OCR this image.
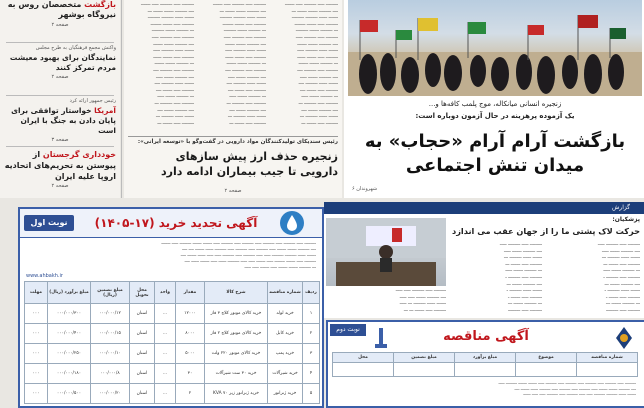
بازگشت متخصصان روس به نیروگاه بوشهر
صفحه ۲
واکنش مجمع فرهنگیان به طرح مجلس
نمایندگان برای بهبود معیشت مردم تمرکز کنند
صفحه ۲
رئیس جمهور ارائه کرد
آمریکا خواستار توافقی برای پایان دادن به جنگ با ایران است
صفحه ۳
خودداری گرجستان از پیوستن به تحریم‌های اتحادیه اروپا علیه ایران
صفحه ۲
ـــــــــ ـــــ ـــــــــ ـــــ ـــــــ
ــــ ـــــــــ ـــــــ ـــــــ ـــ
ـــــــ ــــــ ـــــــــ ـــــــــ
ـــــــــ ـــــ ـــــــ ــــــــ
ـــ ـــــــــ ـــــــ ـــــــــ
ـــــــــ ـــــ ـــــــــ ـــــ
ــــ ـــــــــ ـــــــ ـــــــ
ـــــــ ــــــ ـــــــــ ـــــ
ـــــــــ ـــــ ـــــــ ــــــ
ـــ ـــــــــ ـــــــ ـــــــ
ـــــــــ ـــــ ـــــــــ ــــ
ــــ ـــــــــ ـــــــ ـــــ
ـــــــ ــــــ ـــــــــ ــــ
ـــــــــ ـــــ ـــــــ ــــ
ـــ ـــــــــ ـــــــ ـــــ
ـــــــــ ـــــ ـــــــــ ـــ
ــــ ـــــــــ ـــــــ ــــ
ـــــــ ــــــ ـــــــــ ـــ
ـــــــــ ـــــ ـــــــ ـــ
ـــــــــ ـــــ ـــــــــ ـــــ ـــــــ
ــــ ـــــــــ ـــــــ ـــــــ ـــ
ـــــــ ــــــ ـــــــــ ـــــــــ
ـــــــــ ـــــ ـــــــ ــــــــ
ـــ ـــــــــ ـــــــ ـــــــــ
ـــــــــ ـــــ ـــــــــ ـــــ
ــــ ـــــــــ ـــــــ ـــــــ
ـــــــ ــــــ ـــــــــ ـــــ
ـــــــــ ـــــ ـــــــ ــــــ
ـــ ـــــــــ ـــــــ ـــــــ
ـــــــــ ـــــ ـــــــــ ــــ
ــــ ـــــــــ ـــــــ ـــــ
ـــــــ ــــــ ـــــــــ ــــ
ـــــــــ ـــــ ـــــــ ــــ
ـــ ـــــــــ ـــــــ ـــــ
ـــــــــ ـــــ ـــــــــ ـــ
ــــ ـــــــــ ـــــــ ــــ
ـــــــ ــــــ ـــــــــ ـــ
ـــــــــ ـــــ ـــــــ ـــ
ـــــــــ ـــــ ـــــــــ ـــــ ـــــــ
ــــ ـــــــــ ـــــــ ـــــــ ـــ
ـــــــ ــــــ ـــــــــ ـــــــــ
ـــــــــ ـــــ ـــــــ ــــــــ
ـــ ـــــــــ ـــــــ ـــــــــ
ـــــــــ ـــــ ـــــــــ ـــــ
ــــ ـــــــــ ـــــــ ـــــــ
ـــــــ ــــــ ـــــــــ ـــــ
ـــــــــ ـــــ ـــــــ ــــــ
ـــ ـــــــــ ـــــــ ـــــــ
ـــــــــ ـــــ ـــــــــ ــــ
ــــ ـــــــــ ـــــــ ـــــ
ـــــــ ــــــ ـــــــــ ــــ
ـــــــــ ـــــ ـــــــ ــــ
ـــ ـــــــــ ـــــــ ـــــ
ـــــــــ ـــــ ـــــــــ ـــ
ــــ ـــــــــ ـــــــ ــــ
ـــــــ ــــــ ـــــــــ ـــ
ـــــــــ ـــــ ـــــــ ـــ
رئیس سندیکای تولیدکنندگان مواد دارویی در گفت‌وگو با «توسعه ایرانی»:
زنجیره حذف ارز پیش سازهای دارویی تا جیب بیماران ادامه دارد
صفحه ۲
زنجیره انسانی میانکاله، موج پلمب کافه‌ها و...
یک آزموده پرهزینه در حال آزمون دوباره است:
بازگشت آرام آرام «حجاب» به میدان تنش اجتماعی
شهروندان ۶
نوبت اول	آگهی تجدید خرید (۱۷-۱۴۰۵)
ـــــــــ ـــــ ـــــــــ ـــــ ـــــــــ ـــــ ـــــــــ ـــــ ـــــــــ ـــــ ـــــــ ـــــــ ـــــــــ ـــــ ـــــــ
ــــ ـــــــــ ـــــــ ـــــــ ـــــ ـــــــــ ـــــ ـــــــــ ـــــ ـــــــــ ــــــ ـــــــ ــــ ــــ
ـــــــ ــــــ ـــــــــ ـــــــــ ـــــ ـــــ ـــــــــ ـــــ ـــــــــ ـــــ ـــــ ــــــ ـــــــ ــــ
ـــــــــ ـــــ ـــــــ ــــــــ ـــــ ـــــــ ـــــ ـــــ ـــــــــ ــــــ ـــــ ـــــــ ــــــ ــــ
ـــ ـــــــــ ـــــــ ـــــــ ـــــ ـــــــ ـــــ ـــــ
www.ahbakh.ir
ردیف	شماره مناقصه	شرح کالا	مقدار	واحد	محل تحویل	مبلغ تضمین (ریال)	مبلغ برآورد (ریال)	مهلت
۱	خرید لوله	خرید کالای موتور کلاچ ۳ فاز	۱۲۰۰۰	...	استان	۰۰۰/۰۰۰/۱۲	۰۰۰/۰۰۰/۳۰۰	۰۰۰
۲	خرید کابل	خرید کالای موتور کلاچ ۲ فاز	۸۰۰۰	...	استان	۰۰۰/۰۰۰/۱۵	۰۰۰/۰۰۰/۴۰۰	۰۰۰
۳	خرید پمپ	خرید کالای موتور ۲۲۰ ولت	۵۰۰۰	...	استان	۰۰۰/۰۰۰/۱۰	۰۰۰/۰۰۰/۲۵۰	۰۰۰
۴	خرید شیرآلات	خرید ۳۰ ست شیرآلات	۳۰	...	استان	۰۰۰/۰۰۰/۸	۰۰۰/۰۰۰/۱۸۰	۰۰۰
۵	خرید ژنراتور	خرید ژنراتور زیر ۷۰ KVA	۲	...	استان	۰۰۰/۰۰۰/۲۰	۰۰۰/۰۰۰/۵۰۰	۰۰۰
گزارش
پزشکیان:
حرکت لاک پشتی ما را از جهان عقب می اندازد
ـــــــــ ـــــ ـــــــــ ـــــ
ــــ ـــــــــ ـــــــ ـــــ
ـــــــ ــــــ ـــــــــ ـــ
ـــــــــ ـــــ ـــــــ ـــ
ـــ ـــــــــ ـــــــ ـــــ
ـــــــــ ـــــ ـــــــــ ـ
ــــ ـــــــــ ـــــــ ـــ
ـــــــ ــــــ ـــــــــ ـ
ـــــــــ ـــــ ـــــــ ـ
ـــ ـــــــــ ـــــــ ـــ
ـــــــــ ـــــ ـــــــــ
ـــــــــ ـــــ ـــــــــ ـــــ
ــــ ـــــــــ ـــــــ ـــــ
ـــــــ ــــــ ـــــــــ ـــ
ـــــــــ ـــــ ـــــــ ـــ
ـــ ـــــــــ ـــــــ ـــــ
ـــــــــ ـــــ ـــــــــ ـ
ــــ ـــــــــ ـــــــ ـــ
ـــــــ ــــــ ـــــــــ ـ
ـــــــــ ـــــ ـــــــ ـ
ـــ ـــــــــ ـــــــ ـــ
ـــــــــ ـــــ ـــــــــ
ـــــــــ ـــــ ـــــــــ ـــــ ـــــ
ــــ ـــــــــ ـــــــ ـــــ ـــــ
ـــــــ ــــــ ـــــــــ ـــ ـــــ
ـــــــــ ـــــ ـــــــ ـــ ـــ
نوبت دوم	آگهی مناقصه
شماره مناقصه	موضوع	مبلغ برآورد	مبلغ تضمین	محل

ـــــــــ ـــــ ـــــــــ ـــــ ـــــــــ ـــــ ـــــــــ ـــــ ـــــــــ ـــــ ـــــــ ـــــــ ـــــــــ ـــــ
ــــ ـــــــــ ـــــــ ـــــــ ـــــ ـــــــــ ـــــ ـــــــــ ـــــ ـــــــــ ــــــ ـــــــ ــــ
ـــــــ ــــــ ـــــــــ ـــــــــ ـــــ ـــــ ـــــــــ ـــــ ـــــــــ ـــــ ـــــ ــــــ
